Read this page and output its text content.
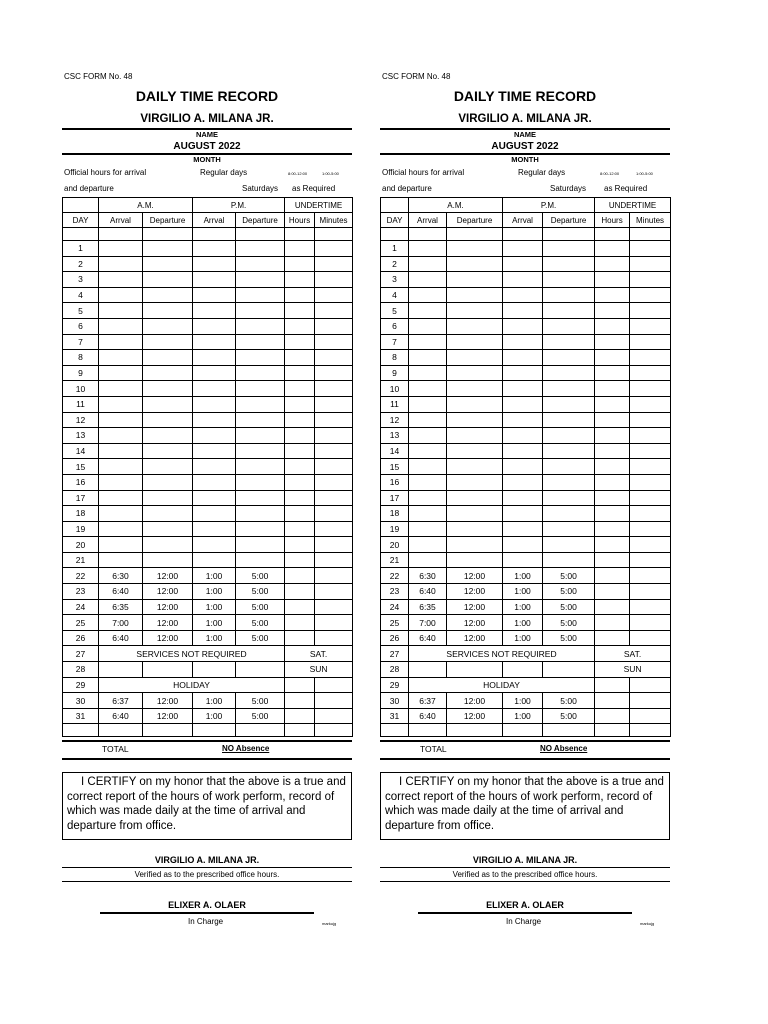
CSC FORM No. 48
DAILY TIME RECORD
VIRGILIO A. MILANA JR.
NAME
AUGUST 2022
MONTH
Official hours for arrival	Regular days	8:00-12:00	1:00-5:00
and departure	Saturdays as Required
	A.M.		P.M.		UNDERTIME	
DAY	Arrval	Departure	Arrval	Departure	Hours	Minutes

1						
2						
3						
4						
5						
6						
7						
8						
9						
10						
11						
12						
13						
14						
15						
16						
17						
18						
19						
20						
21						
22	6:30	12:00	1:00	5:00		
23	6:40	12:00	1:00	5:00		
24	6:35	12:00	1:00	5:00		
25	7:00	12:00	1:00	5:00		
26	6:40	12:00	1:00	5:00		
27	SERVICES NOT REQUIRED				SAT.	
28					SUN	
29	HOLIDAY					
30	6:37	12:00	1:00	5:00		
31	6:40	12:00	1:00	5:00		

TOTAL	NO Absence
I CERTIFY on my honor that the above is a true and correct report of the hours of work perform, record of which was made daily at the time of arrival and departure from office.
VIRGILIO A. MILANA JR.
Verified as to the prescribed office hours.
ELIXER A. OLAER
In Charge	markujg
CSC FORM No. 48
DAILY TIME RECORD
VIRGILIO A. MILANA JR.
NAME
AUGUST 2022
MONTH
Official hours for arrival	Regular days	8:00-12:00	1:00-5:00
and departure	Saturdays as Required
	A.M.		P.M.		UNDERTIME	
DAY	Arrval	Departure	Arrval	Departure	Hours	Minutes

1						
2						
3						
4						
5						
6						
7						
8						
9						
10						
11						
12						
13						
14						
15						
16						
17						
18						
19						
20						
21						
22	6:30	12:00	1:00	5:00		
23	6:40	12:00	1:00	5:00		
24	6:35	12:00	1:00	5:00		
25	7:00	12:00	1:00	5:00		
26	6:40	12:00	1:00	5:00		
27	SERVICES NOT REQUIRED				SAT.	
28					SUN	
29	HOLIDAY					
30	6:37	12:00	1:00	5:00		
31	6:40	12:00	1:00	5:00		

TOTAL	NO Absence
I CERTIFY on my honor that the above is a true and correct report of the hours of work perform, record of which was made daily at the time of arrival and departure from office.
VIRGILIO A. MILANA JR.
Verified as to the prescribed office hours.
ELIXER A. OLAER
In Charge	markujg
